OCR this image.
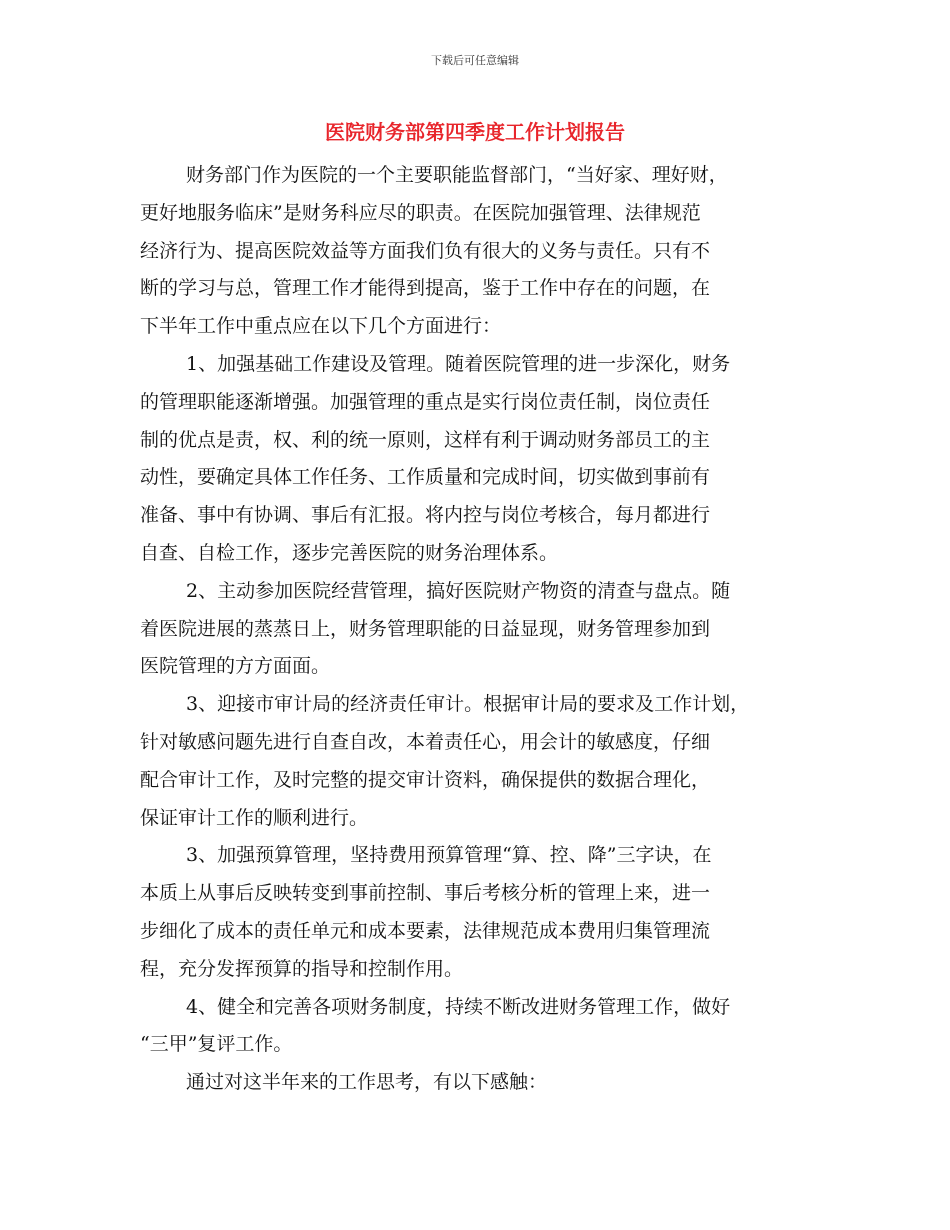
下载后可任意编辑
医院财务部第四季度工作计划报告
财务部门作为医院的一个主要职能监督部门，“当好家、理好财，
更好地服务临床”是财务科应尽的职责。在医院加强管理、法律规范
经济行为、提高医院效益等方面我们负有很大的义务与责任。只有不
断的学习与总，管理工作才能得到提高，鉴于工作中存在的问题，在
下半年工作中重点应在以下几个方面进行：
1、加强基础工作建设及管理。随着医院管理的进一步深化，财务
的管理职能逐渐增强。加强管理的重点是实行岗位责任制，岗位责任
制的优点是责，权、利的统一原则，这样有利于调动财务部员工的主
动性，要确定具体工作任务、工作质量和完成时间，切实做到事前有
准备、事中有协调、事后有汇报。将内控与岗位考核合，每月都进行
自查、自检工作，逐步完善医院的财务治理体系。
2、主动参加医院经营管理，搞好医院财产物资的清查与盘点。随
着医院进展的蒸蒸日上，财务管理职能的日益显现，财务管理参加到
医院管理的方方面面。
3、迎接市审计局的经济责任审计。根据审计局的要求及工作计划，
针对敏感问题先进行自查自改，本着责任心，用会计的敏感度，仔细
配合审计工作，及时完整的提交审计资料，确保提供的数据合理化，
保证审计工作的顺利进行。
3、加强预算管理，坚持费用预算管理“算、控、降”三字诀，在
本质上从事后反映转变到事前控制、事后考核分析的管理上来，进一
步细化了成本的责任单元和成本要素，法律规范成本费用归集管理流
程，充分发挥预算的指导和控制作用。
4、健全和完善各项财务制度，持续不断改进财务管理工作，做好
“三甲”复评工作。
通过对这半年来的工作思考，有以下感触：
